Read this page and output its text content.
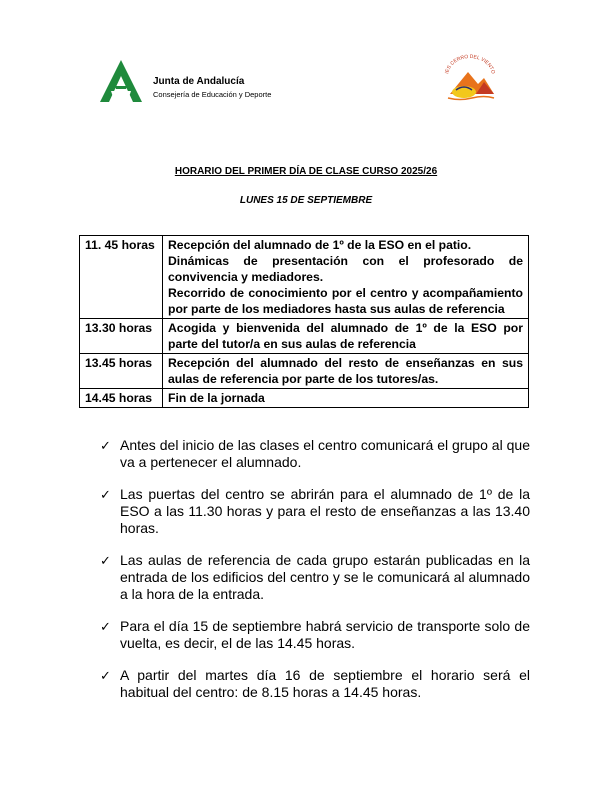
Junta de Andalucía
Consejería de Educación y Deporte
IES CERRO DEL VIENTO
HORARIO DEL PRIMER DÍA DE CLASE CURSO 2025/26
LUNES 15 DE SEPTIEMBRE
11. 45 horas	Recepción del alumnado de 1º de la ESO en el patio.
Dinámicas de presentación con el profesorado de convivencia y mediadores.
Recorrido de conocimiento por el centro y acompañamiento por parte de los mediadores hasta sus aulas de referencia

13.30 horas	Acogida y bienvenida del alumnado de 1º de la ESO por parte del tutor/a en sus aulas de referencia

13.45 horas	Recepción del alumnado del resto de enseñanzas en sus aulas de referencia por parte de los tutores/as.

14.45 horas	Fin de la jornada
✓ Antes del inicio de las clases el centro comunicará el grupo al que va a pertenecer el alumnado.
✓ Las puertas del centro se abrirán para el alumnado de 1º de la ESO a las 11.30 horas y para el resto de enseñanzas a las 13.40 horas.
✓ Las aulas de referencia de cada grupo estarán publicadas en la entrada de los edificios del centro y se le comunicará al alumnado a la hora de la entrada.
✓ Para el día 15 de septiembre habrá servicio de transporte solo de vuelta, es decir, el de las 14.45 horas.
✓ A partir del martes día 16 de septiembre el horario será el habitual del centro: de 8.15 horas a 14.45 horas.
